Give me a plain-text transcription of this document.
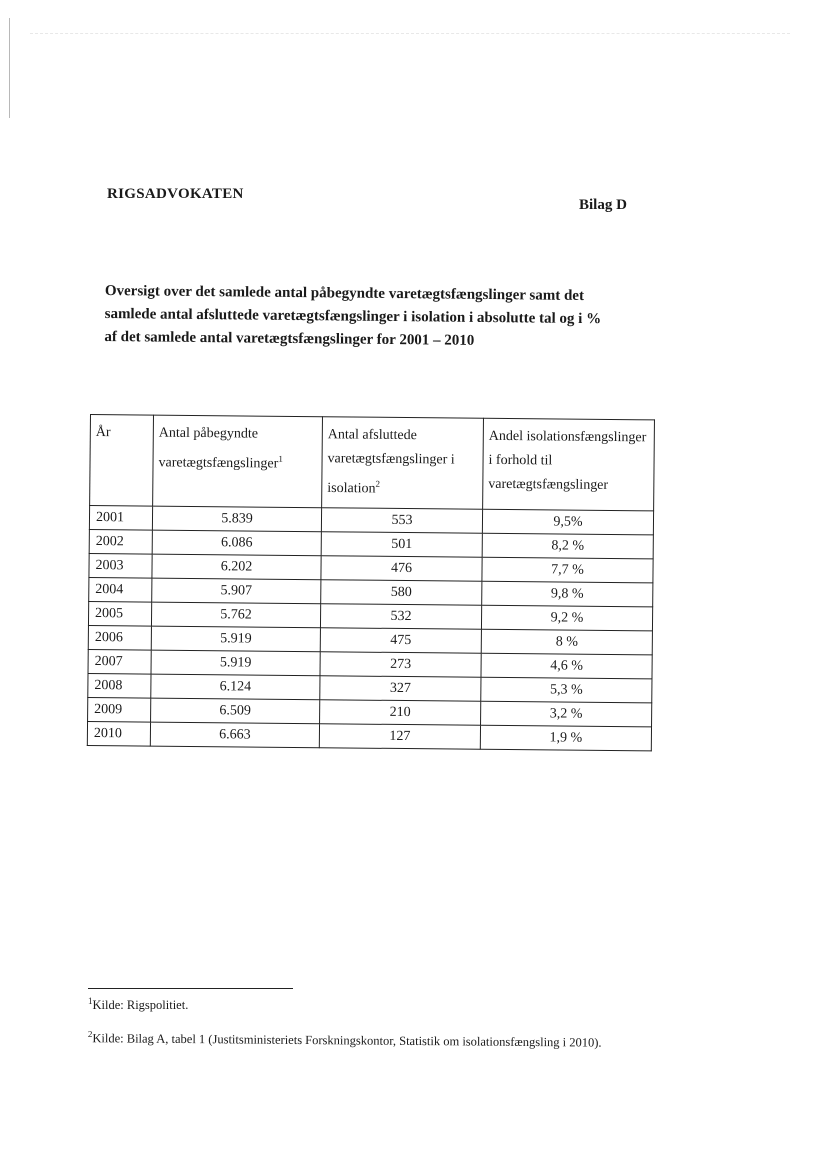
RIGSADVOKATEN
Bilag D
Oversigt over det samlede antal påbegyndte varetægtsfængslinger samt det samlede antal afsluttede varetægtsfængslinger i isolation i absolutte tal og i % af det samlede antal varetægtsfængslinger for 2001 – 2010
År	Antal påbegyndte varetægtsfængslinger$^1$	Antal afsluttede varetægtsfængslinger i isolation$^2$	Andel isolationsfængslinger i forhold til varetægtsfængslinger
2001	5.839	553	9,5%
2002	6.086	501	8,2 %
2003	6.202	476	7,7 %
2004	5.907	580	9,8 %
2005	5.762	532	9,2 %
2006	5.919	475	8 %
2007	5.919	273	4,6 %
2008	6.124	327	5,3 %
2009	6.509	210	3,2 %
2010	6.663	127	1,9 %
$^1$Kilde: Rigspolitiet.
$^2$Kilde: Bilag A, tabel 1 (Justitsministeriets Forskningskontor, Statistik om isolationsfængsling i 2010).
